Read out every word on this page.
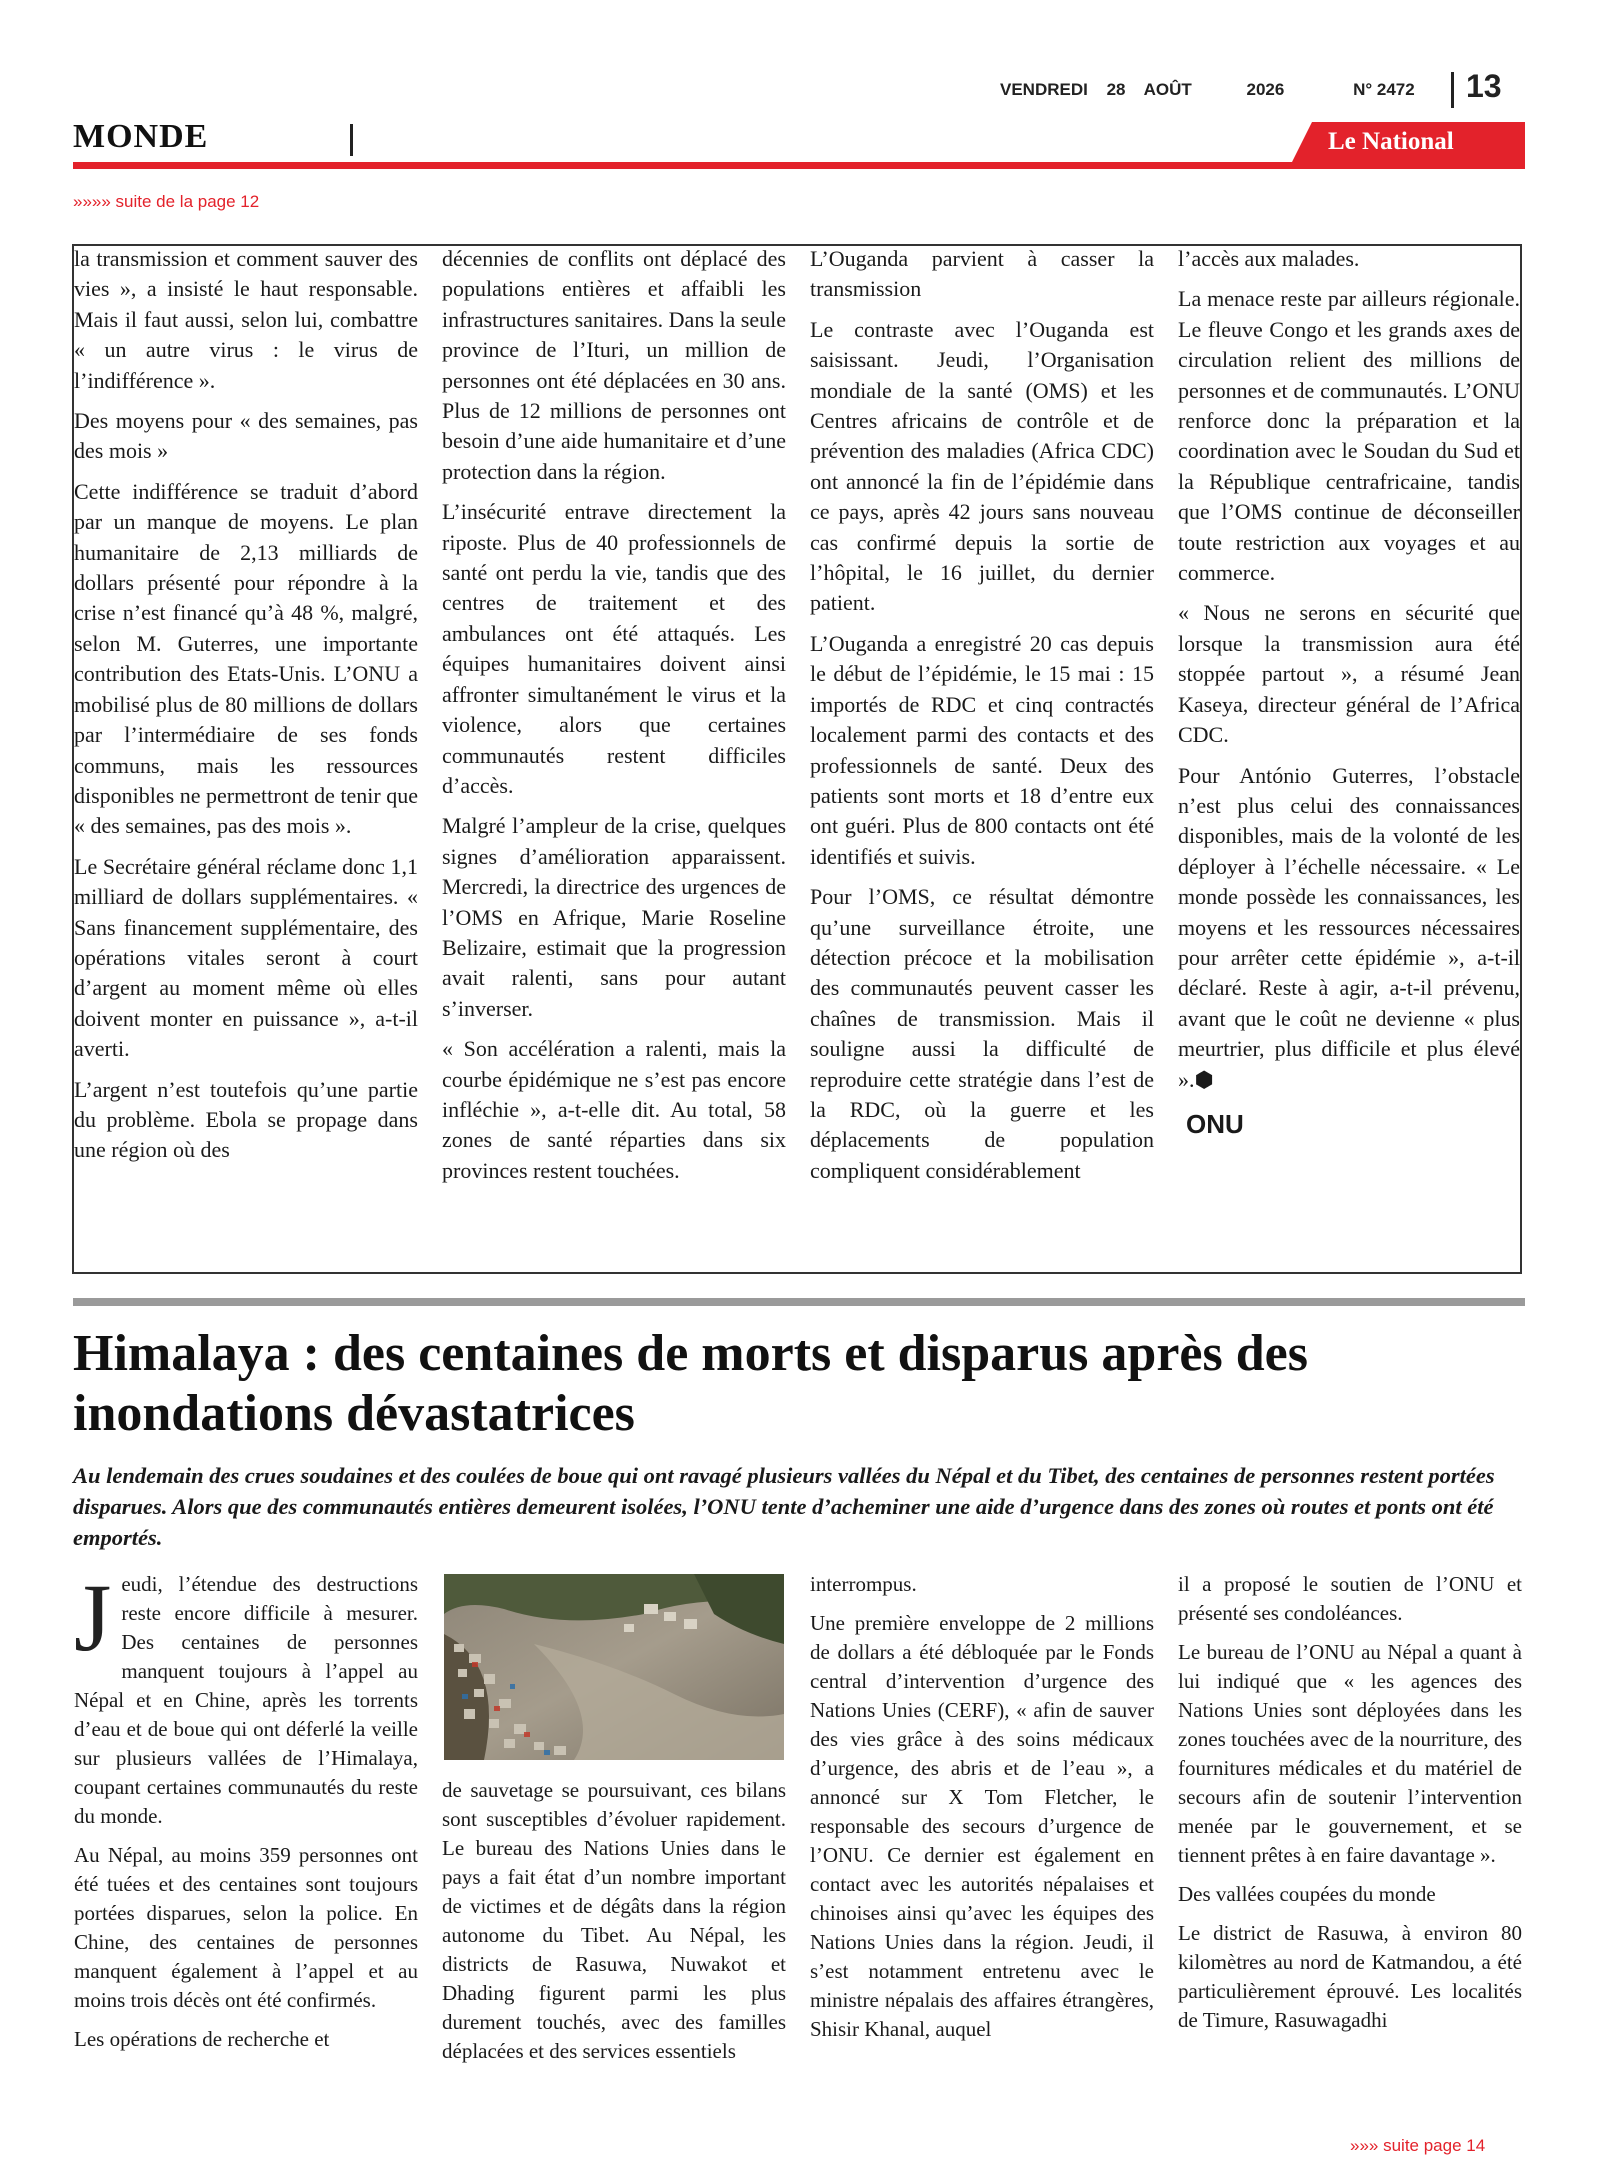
VENDREDI 28 AOÛT	2026	N° 2472	13
MONDE	Le National
»»»» suite de la page 12

la transmission et comment sauver des vies », a insisté le haut responsable. Mais il faut aussi, selon lui, combattre « un autre virus : le virus de l’indifférence ».

Des moyens pour « des semaines, pas des mois »

Cette indifférence se traduit d’abord par un manque de moyens. Le plan humanitaire de 2,13 milliards de dollars présenté pour répondre à la crise n’est financé qu’à 48 %, malgré, selon M. Guterres, une importante contribution des Etats-Unis. L’ONU a mobilisé plus de 80 millions de dollars par l’intermédiaire de ses fonds communs, mais les ressources disponibles ne permettront de tenir que « des semaines, pas des mois ».

Le Secrétaire général réclame donc 1,1 milliard de dollars supplémentaires. « Sans financement supplémentaire, des opérations vitales seront à court d’argent au moment même où elles doivent monter en puissance », a-t-il averti.

L’argent n’est toutefois qu’une partie du problème. Ebola se propage dans une région où des

décennies de conflits ont déplacé des populations entières et affaibli les infrastructures sanitaires. Dans la seule province de l’Ituri, un million de personnes ont été déplacées en 30 ans. Plus de 12 millions de personnes ont besoin d’une aide humanitaire et d’une protection dans la région.

L’insécurité entrave directement la riposte. Plus de 40 professionnels de santé ont perdu la vie, tandis que des centres de traitement et des ambulances ont été attaqués. Les équipes humanitaires doivent ainsi affronter simultanément le virus et la violence, alors que certaines communautés restent difficiles d’accès.

Malgré l’ampleur de la crise, quelques signes d’amélioration apparaissent. Mercredi, la directrice des urgences de l’OMS en Afrique, Marie Roseline Belizaire, estimait que la progression avait ralenti, sans pour autant s’inverser.

« Son accélération a ralenti, mais la courbe épidémique ne s’est pas encore infléchie », a-t-elle dit. Au total, 58 zones de santé réparties dans six provinces restent touchées.

L’Ouganda parvient à casser la transmission

Le contraste avec l’Ouganda est saisissant. Jeudi, l’Organisation mondiale de la santé (OMS) et les Centres africains de contrôle et de prévention des maladies (Africa CDC) ont annoncé la fin de l’épidémie dans ce pays, après 42 jours sans nouveau cas confirmé depuis la sortie de l’hôpital, le 16 juillet, du dernier patient.

L’Ouganda a enregistré 20 cas depuis le début de l’épidémie, le 15 mai : 15 importés de RDC et cinq contractés localement parmi des contacts et des professionnels de santé. Deux des patients sont morts et 18 d’entre eux ont guéri. Plus de 800 contacts ont été identifiés et suivis.

Pour l’OMS, ce résultat démontre qu’une surveillance étroite, une détection précoce et la mobilisation des communautés peuvent casser les chaînes de transmission. Mais il souligne aussi la difficulté de reproduire cette stratégie dans l’est de la RDC, où la guerre et les déplacements de population compliquent considérablement

l’accès aux malades.

La menace reste par ailleurs régionale. Le fleuve Congo et les grands axes de circulation relient des millions de personnes et de communautés. L’ONU renforce donc la préparation et la coordination avec le Soudan du Sud et la République centrafricaine, tandis que l’OMS continue de déconseiller toute restriction aux voyages et au commerce.

« Nous ne serons en sécurité que lorsque la transmission aura été stoppée partout », a résumé Jean Kaseya, directeur général de l’Africa CDC.

Pour António Guterres, l’obstacle n’est plus celui des connaissances disponibles, mais de la volonté de les déployer à l’échelle nécessaire. « Le monde possède les connaissances, les moyens et les ressources nécessaires pour arrêter cette épidémie », a-t-il déclaré. Reste à agir, a-t-il prévenu, avant que le coût ne devienne « plus meurtrier, plus difficile et plus élevé ».⬢

ONU
Himalaya : des centaines de morts et disparus après des inondations dévastatrices

Au lendemain des crues soudaines et des coulées de boue qui ont ravagé plusieurs vallées du Népal et du Tibet, des centaines de personnes restent portées disparues. Alors que des communautés entières demeurent isolées, l’ONU tente d’acheminer une aide d’urgence dans des zones où routes et ponts ont été emportés.

Jeudi, l’étendue des destructions reste encore difficile à mesurer. Des centaines de personnes manquent toujours à l’appel au Népal et en Chine, après les torrents d’eau et de boue qui ont déferlé la veille sur plusieurs vallées de l’Himalaya, coupant certaines communautés du reste du monde.

Au Népal, au moins 359 personnes ont été tuées et des centaines sont toujours portées disparues, selon la police. En Chine, des centaines de personnes manquent également à l’appel et au moins trois décès ont été confirmés.

Les opérations de recherche et

de sauvetage se poursuivant, ces bilans sont susceptibles d’évoluer rapidement. Le bureau des Nations Unies dans le pays a fait état d’un nombre important de victimes et de dégâts dans la région autonome du Tibet. Au Népal, les districts de Rasuwa, Nuwakot et Dhading figurent parmi les plus durement touchés, avec des familles déplacées et des services essentiels

interrompus.

Une première enveloppe de 2 millions de dollars a été débloquée par le Fonds central d’intervention d’urgence des Nations Unies (CERF), « afin de sauver des vies grâce à des soins médicaux d’urgence, des abris et de l’eau », a annoncé sur X Tom Fletcher, le responsable des secours d’urgence de l’ONU. Ce dernier est également en contact avec les autorités népalaises et chinoises ainsi qu’avec les équipes des Nations Unies dans la région. Jeudi, il s’est notamment entretenu avec le ministre népalais des affaires étrangères, Shisir Khanal, auquel

il a proposé le soutien de l’ONU et présenté ses condoléances.

Le bureau de l’ONU au Népal a quant à lui indiqué que « les agences des Nations Unies sont déployées dans les zones touchées avec de la nourriture, des fournitures médicales et du matériel de secours afin de soutenir l’intervention menée par le gouvernement, et se tiennent prêtes à en faire davantage ».

Des vallées coupées du monde

Le district de Rasuwa, à environ 80 kilomètres au nord de Katmandou, a été particulièrement éprouvé. Les localités de Timure, Rasuwagadhi

»»» suite page 14
